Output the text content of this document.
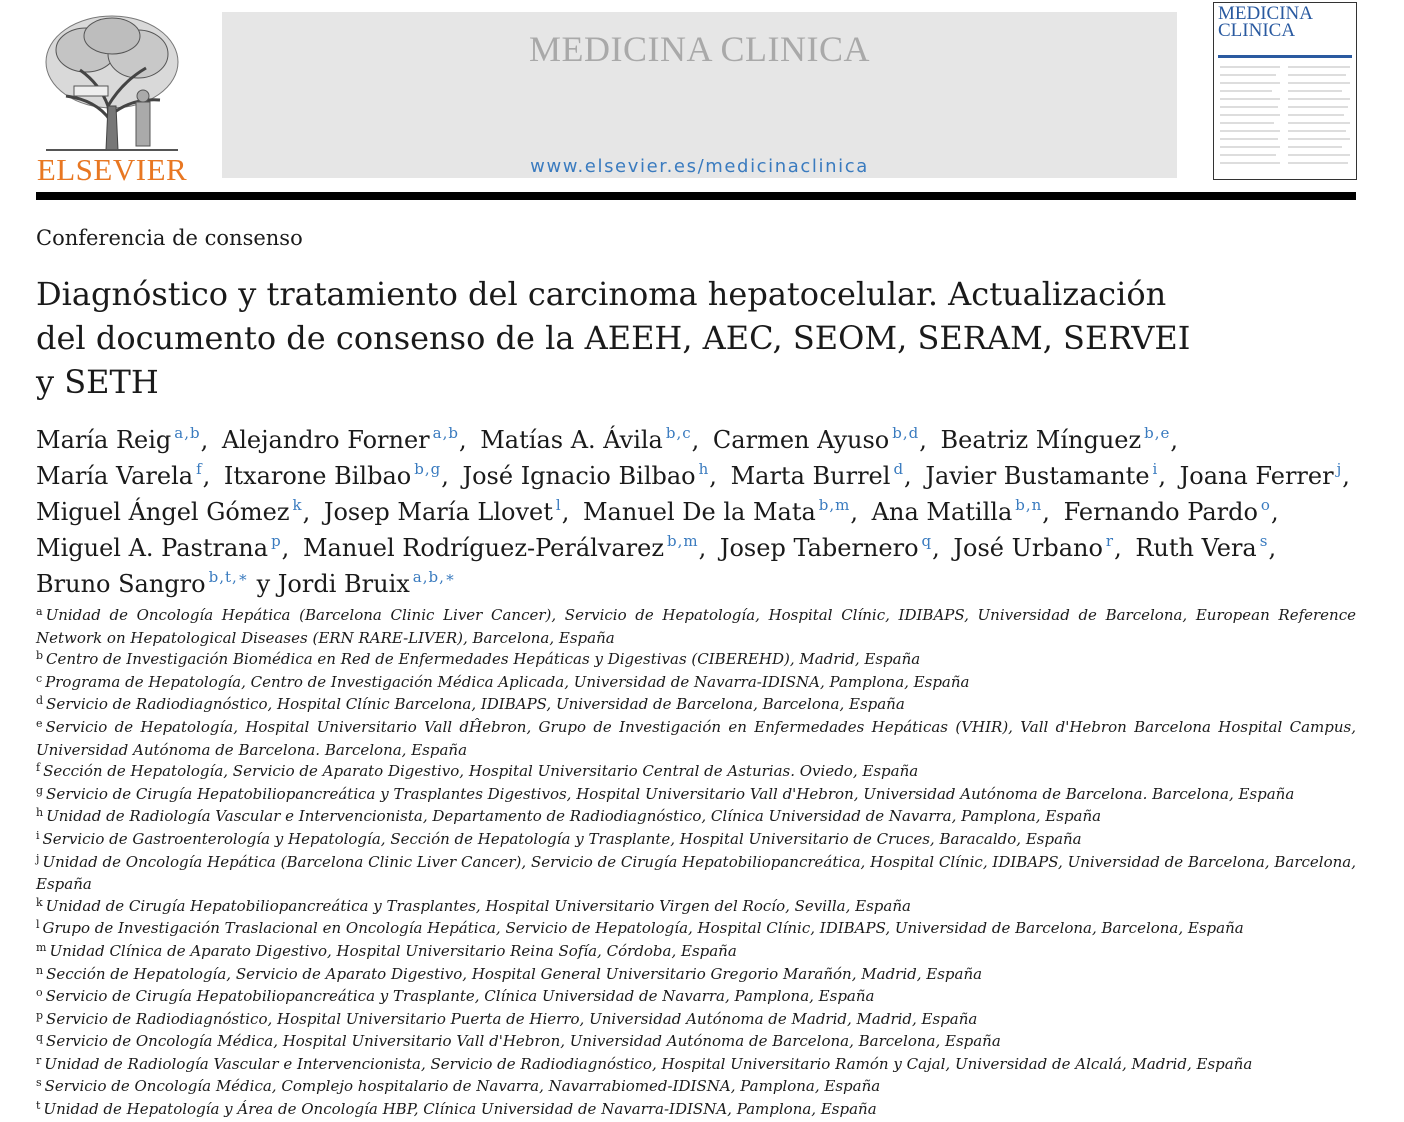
ELSEVIER
MEDICINA CLINICA
www.elsevier.es/medicinaclinica
MEDICINA
CLINICA
Conferencia de consenso
Diagnóstico y tratamiento del carcinoma hepatocelular. Actualización del documento de consenso de la AEEH, AEC, SEOM, SERAM, SERVEI y SETH
María Reig $^{a,b}$, Alejandro Forner $^{a,b}$, Matías A. Ávila $^{b,c}$, Carmen Ayuso $^{b,d}$, Beatriz Mínguez $^{b,e}$, María Varela $^f$, Itxarone Bilbao $^{b,g}$, José Ignacio Bilbao $^h$, Marta Burrel $^d$, Javier Bustamante $^i$, Joana Ferrer $^j$, Miguel Ángel Gómez $^k$, Josep María Llovet $^l$, Manuel De la Mata $^{b,m}$, Ana Matilla $^{b,n}$, Fernando Pardo $^o$, Miguel A. Pastrana $^p$, Manuel Rodríguez-Perálvarez $^{b,m}$, Josep Tabernero $^q$, José Urbano $^r$, Ruth Vera $^s$, Bruno Sangro $^{b,t,∗}$ y Jordi Bruix $^{a,b,∗}$

$^a$ Unidad de Oncología Hepática (Barcelona Clinic Liver Cancer), Servicio de Hepatología, Hospital Clínic, IDIBAPS, Universidad de Barcelona, European Reference Network on Hepatological Diseases (ERN RARE-LIVER), Barcelona, España

$^b$ Centro de Investigación Biomédica en Red de Enfermedades Hepáticas y Digestivas (CIBEREHD), Madrid, España

$^c$ Programa de Hepatología, Centro de Investigación Médica Aplicada, Universidad de Navarra-IDISNA, Pamplona, España

$^d$ Servicio de Radiodiagnóstico, Hospital Clínic Barcelona, IDIBAPS, Universidad de Barcelona, Barcelona, España

$^e$ Servicio de Hepatología, Hospital Universitario Vall dĤebron, Grupo de Investigación en Enfermedades Hepáticas (VHIR), Vall d'Hebron Barcelona Hospital Campus, Universidad Autónoma de Barcelona. Barcelona, España

$^f$ Sección de Hepatología, Servicio de Aparato Digestivo, Hospital Universitario Central de Asturias. Oviedo, España

$^g$ Servicio de Cirugía Hepatobiliopancreática y Trasplantes Digestivos, Hospital Universitario Vall d'Hebron, Universidad Autónoma de Barcelona. Barcelona, España

$^h$ Unidad de Radiología Vascular e Intervencionista, Departamento de Radiodiagnóstico, Clínica Universidad de Navarra, Pamplona, España

$^i$ Servicio de Gastroenterología y Hepatología, Sección de Hepatología y Trasplante, Hospital Universitario de Cruces, Baracaldo, España

$^j$ Unidad de Oncología Hepática (Barcelona Clinic Liver Cancer), Servicio de Cirugía Hepatobiliopancreática, Hospital Clínic, IDIBAPS, Universidad de Barcelona, Barcelona, España

$^k$ Unidad de Cirugía Hepatobiliopancreática y Trasplantes, Hospital Universitario Virgen del Rocío, Sevilla, España

$^l$ Grupo de Investigación Traslacional en Oncología Hepática, Servicio de Hepatología, Hospital Clínic, IDIBAPS, Universidad de Barcelona, Barcelona, España

$^m$ Unidad Clínica de Aparato Digestivo, Hospital Universitario Reina Sofía, Córdoba, España

$^n$ Sección de Hepatología, Servicio de Aparato Digestivo, Hospital General Universitario Gregorio Marañón, Madrid, España

$^o$ Servicio de Cirugía Hepatobiliopancreática y Trasplante, Clínica Universidad de Navarra, Pamplona, España

$^p$ Servicio de Radiodiagnóstico, Hospital Universitario Puerta de Hierro, Universidad Autónoma de Madrid, Madrid, España

$^q$ Servicio de Oncología Médica, Hospital Universitario Vall d'Hebron, Universidad Autónoma de Barcelona, Barcelona, España

$^r$ Unidad de Radiología Vascular e Intervencionista, Servicio de Radiodiagnóstico, Hospital Universitario Ramón y Cajal, Universidad de Alcalá, Madrid, España

$^s$ Servicio de Oncología Médica, Complejo hospitalario de Navarra, Navarrabiomed-IDISNA, Pamplona, España

$^t$ Unidad de Hepatología y Área de Oncología HBP, Clínica Universidad de Navarra-IDISNA, Pamplona, España
